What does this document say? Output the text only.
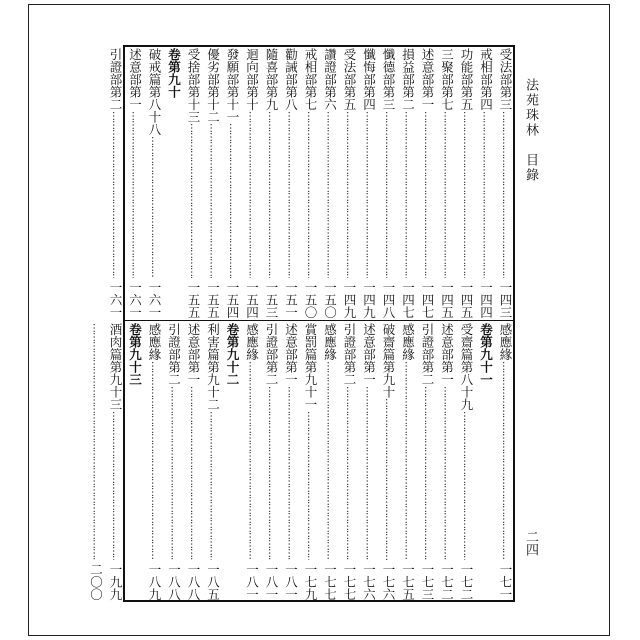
法苑珠林　目錄
二四
受法部第三
………………………………………………………………………………………………………………
一四三
戒相部第四
………………………………………………………………………………………………………………
一四四
功能部第五
………………………………………………………………………………………………………………
一四五
三聚部第七
………………………………………………………………………………………………………………
一四五
述意部第一
………………………………………………………………………………………………………………
一四七
損益部第二
………………………………………………………………………………………………………………
一四七
懺德部第三
………………………………………………………………………………………………………………
一四八
懺悔部第四
………………………………………………………………………………………………………………
一四九
受法部第五
………………………………………………………………………………………………………………
一四九
讚證部第六
………………………………………………………………………………………………………………
一五〇
戒相部第七
………………………………………………………………………………………………………………
一五〇
勸誡部第八
………………………………………………………………………………………………………………
一五一
隨喜部第九
………………………………………………………………………………………………………………
一五三
迴向部第十
………………………………………………………………………………………………………………
一五四
發願部第十一
………………………………………………………………………………………………………………
一五四
優劣部第十二
………………………………………………………………………………………………………………
一五五
受捨部第十三
………………………………………………………………………………………………………………
一五五
卷第九十
破戒篇第八十八
………………………………………………………………………………………………………………
一六一
述意部第一
………………………………………………………………………………………………………………
一六一
引證部第二
………………………………………………………………………………………………………………
一六一
感應緣
………………………………………………………………………………………………………………
一七一
卷第九十一
受齋篇第八十九
………………………………………………………………………………………………………………
一七二
述意部第一
………………………………………………………………………………………………………………
一七二
引證部第二
………………………………………………………………………………………………………………
一七三
感應緣
………………………………………………………………………………………………………………
一七五
破齋篇第九十
………………………………………………………………………………………………………………
一七六
述意部第一
………………………………………………………………………………………………………………
一七六
引證部第二
………………………………………………………………………………………………………………
一七七
感應緣
………………………………………………………………………………………………………………
一七七
賞罰篇第九十一
………………………………………………………………………………………………………………
一七九
述意部第一
………………………………………………………………………………………………………………
一八一
引證部第二
………………………………………………………………………………………………………………
一八一
感應緣
………………………………………………………………………………………………………………
一八一
卷第九十二
利害篇第九十二
………………………………………………………………………………………………………………
一八五
述意部第一
………………………………………………………………………………………………………………
一八八
引證部第二
………………………………………………………………………………………………………………
一八八
感應緣
………………………………………………………………………………………………………………
一八九
卷第九十三
酒肉篇第九十三
………………………………………………………………………………………………………………
一九九
………………………………………………………………………………………………………………
二〇〇
